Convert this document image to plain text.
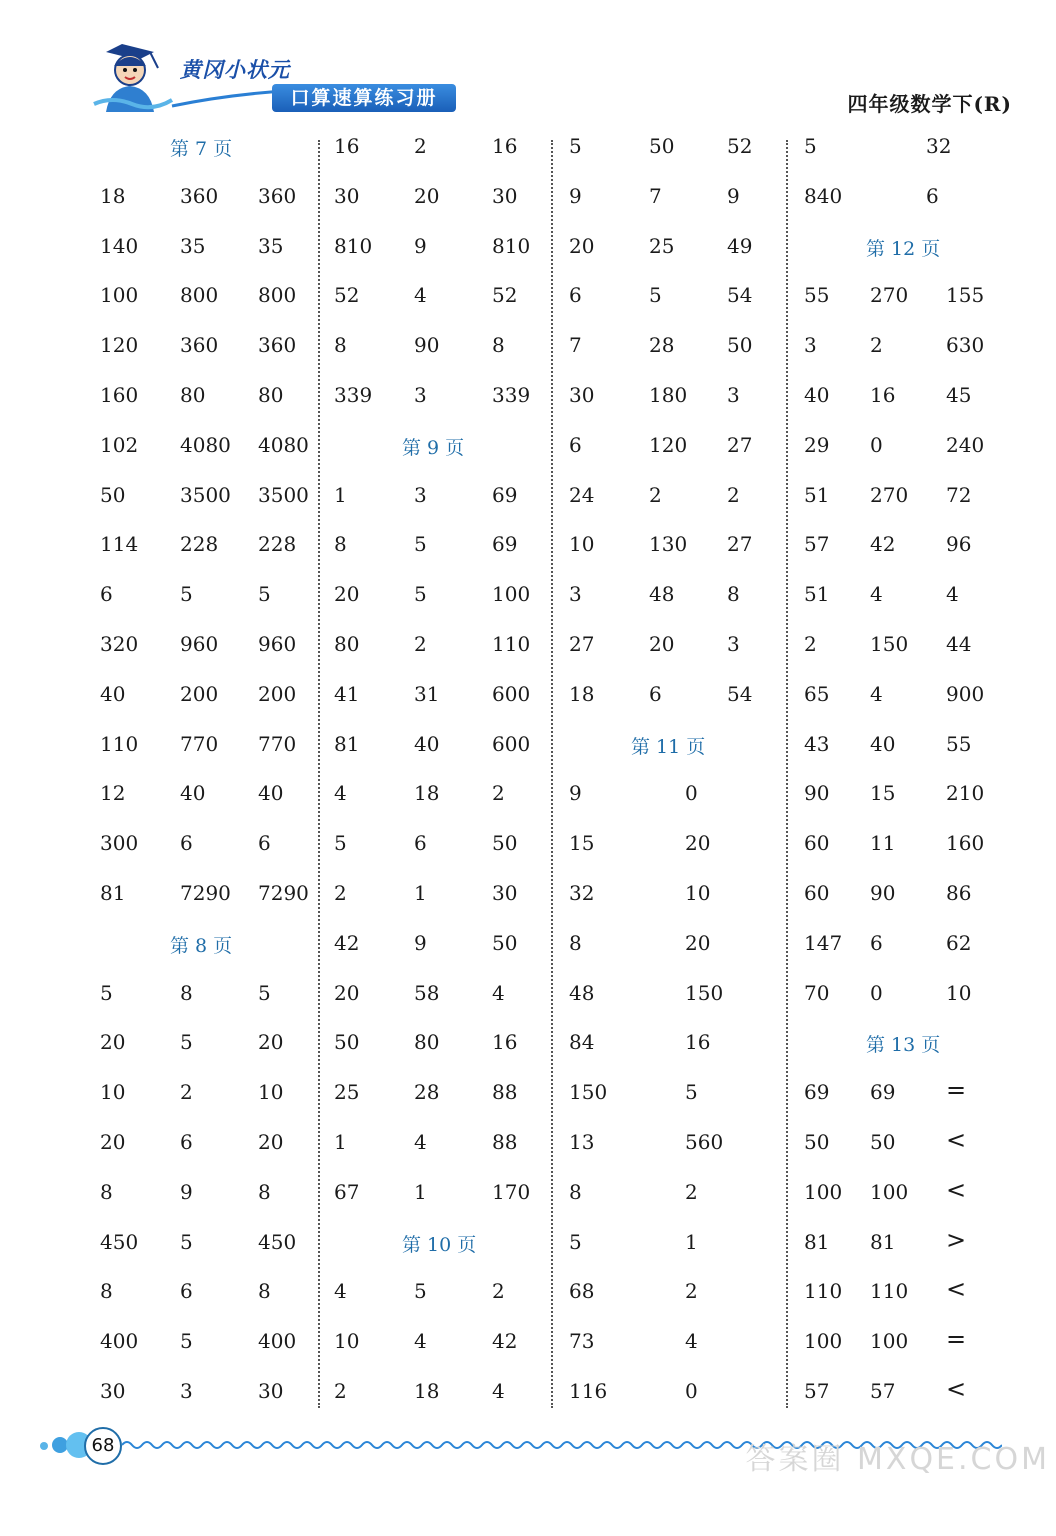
黄冈小状元
口算速算练习册	四年级数学下(R)
第 7 页
18	360 360
140 35	35
100 800 800
120 360 360
160 80	80
102 4080 4080
50	3500 3500
114 228 228
6	5	5
320 960 960
40	200 200
110 770 770
12	40	40
300 6	6
81	7290 7290
第 8 页
5	8	5
20	5	20
10	2	10
20	6	20
8	9	8
450 5	450
8	6	8
400 5	400
30	3	30
16	2	16
30	20	30
810 9	810
52	4	52
8	90	8
339 3	339
第 9 页
1	3	69
8	5	69
20	5	100
80	2	110
41	31	600
81	40	600
4	18	2
5	6	50
2	1	30
42	9	50
20	58	4
50	80	16
25	28	88
1	4	88
67	1	170
第 10 页
4	5	2
10	4	42
2	18	4
5	50	52
9	7	9
20	25	49
6	5	54
7	28	50
30	180 3
6	120 27
24	2	2
10	130 27
3	48	8
27	20	3
18	6	54
第 11 页
9	0
15	20
32	10
8	20
48	150
84	16
150	5
13	560
8	2
5	1
68	2
73	4
116	0
5	32
840	6
第 12 页
55 270 155
3	2	630
40 16	45
29 0	240
51 270 72
57 42	96
51 4	4
2	150 44
65 4	900
43 40	55
90 15	210
60 11	160
60 90	86
147 6	62
70 0	10
第 13 页
69 69 =
50 50 <
100 100 <
81 81 >
110 110 <
100 100 =
57 57 <
68	答案圈 MXQE.COM
